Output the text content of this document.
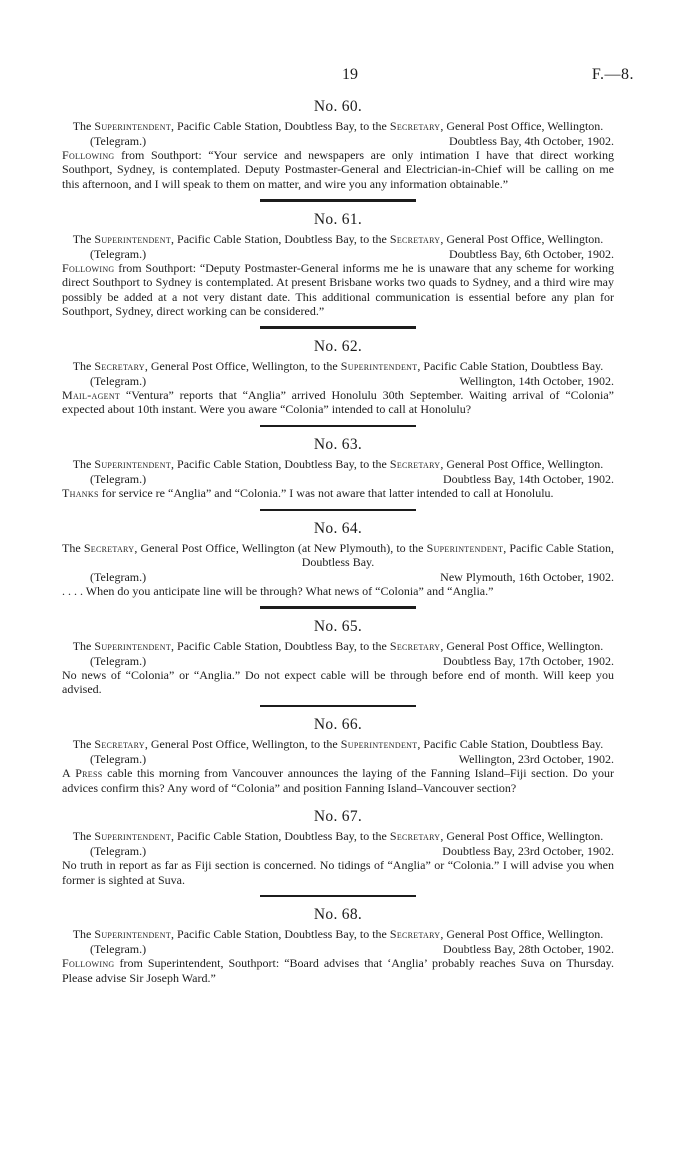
19	F.—8.
No. 60.

The Superintendent, Pacific Cable Station, Doubtless Bay, to the Secretary, General Post Office, Wellington.

(Telegram.)	Doubtless Bay, 4th October, 1902.

Following from Southport: “Your service and newspapers are only intimation I have that direct working Southport, Sydney, is contemplated. Deputy Postmaster-General and Electrician-in-Chief will be calling on me this afternoon, and I will speak to them on matter, and wire you any information obtainable.”

No. 61.

The Superintendent, Pacific Cable Station, Doubtless Bay, to the Secretary, General Post Office, Wellington.

(Telegram.)	Doubtless Bay, 6th October, 1902.

Following from Southport: “Deputy Postmaster-General informs me he is unaware that any scheme for working direct Southport to Sydney is contemplated. At present Brisbane works two quads to Sydney, and a third wire may possibly be added at a not very distant date. This additional communication is essential before any plan for Southport, Sydney, direct working can be considered.”

No. 62.

The Secretary, General Post Office, Wellington, to the Superintendent, Pacific Cable Station, Doubtless Bay.

(Telegram.)	Wellington, 14th October, 1902.

Mail-agent “Ventura” reports that “Anglia” arrived Honolulu 30th September. Waiting arrival of “Colonia” expected about 10th instant. Were you aware “Colonia” intended to call at Honolulu?

No. 63.

The Superintendent, Pacific Cable Station, Doubtless Bay, to the Secretary, General Post Office, Wellington.

(Telegram.)	Doubtless Bay, 14th October, 1902.

Thanks for service re “Anglia” and “Colonia.” I was not aware that latter intended to call at Honolulu.

No. 64.

The Secretary, General Post Office, Wellington (at New Plymouth), to the Superintendent, Pacific Cable Station, Doubtless Bay.

(Telegram.)	New Plymouth, 16th October, 1902.

. . . . When do you anticipate line will be through? What news of “Colonia” and “Anglia.”

No. 65.

The Superintendent, Pacific Cable Station, Doubtless Bay, to the Secretary, General Post Office, Wellington.

(Telegram.)	Doubtless Bay, 17th October, 1902.

No news of “Colonia” or “Anglia.” Do not expect cable will be through before end of month. Will keep you advised.

No. 66.

The Secretary, General Post Office, Wellington, to the Superintendent, Pacific Cable Station, Doubtless Bay.

(Telegram.)	Wellington, 23rd October, 1902.

A Press cable this morning from Vancouver announces the laying of the Fanning Island–Fiji section. Do your advices confirm this? Any word of “Colonia” and position Fanning Island–Vancouver section?

No. 67.

The Superintendent, Pacific Cable Station, Doubtless Bay, to the Secretary, General Post Office, Wellington.

(Telegram.)	Doubtless Bay, 23rd October, 1902.

No truth in report as far as Fiji section is concerned. No tidings of “Anglia” or “Colonia.” I will advise you when former is sighted at Suva.

No. 68.

The Superintendent, Pacific Cable Station, Doubtless Bay, to the Secretary, General Post Office, Wellington.

(Telegram.)	Doubtless Bay, 28th October, 1902.

Following from Superintendent, Southport: “Board advises that ‘Anglia’ probably reaches Suva on Thursday. Please advise Sir Joseph Ward.”
